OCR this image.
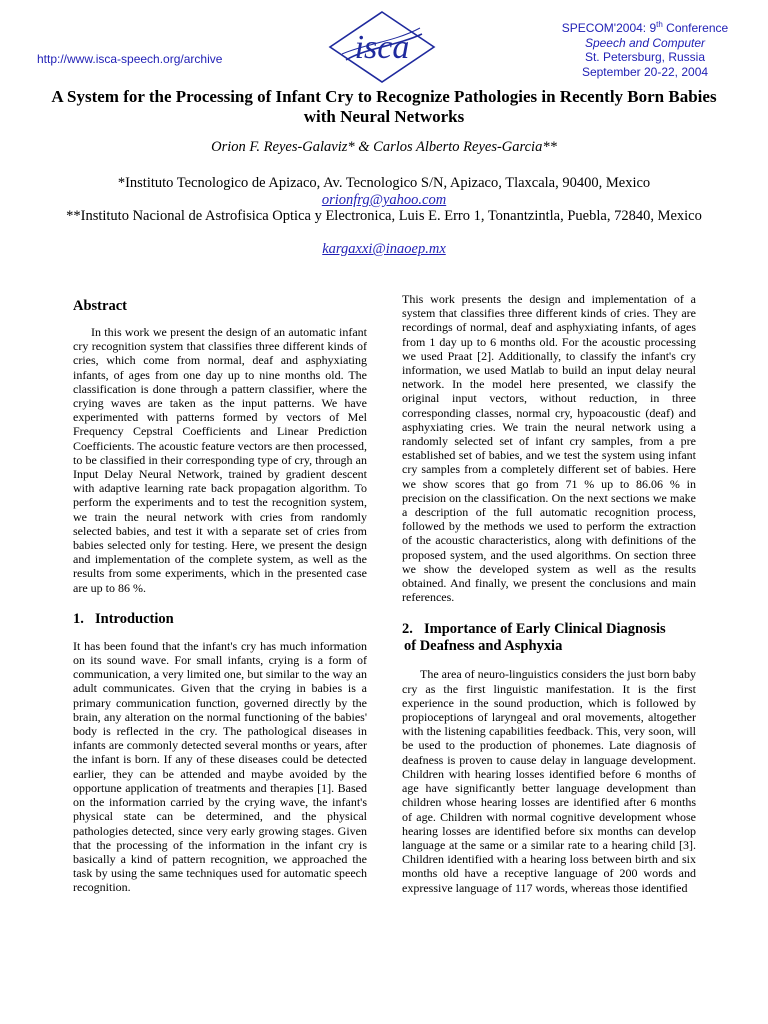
http://www.isca-speech.org/archive	isca
SPECOM'2004: 9th Conference
Speech and Computer
St. Petersburg, Russia
September 20-22, 2004
A System for the Processing of Infant Cry to Recognize Pathologies in Recently Born Babies with Neural Networks
Orion F. Reyes-Galaviz* & Carlos Alberto Reyes-Garcia**
*Instituto Tecnologico de Apizaco, Av. Tecnologico S/N, Apizaco, Tlaxcala, 90400, Mexico
orionfrg@yahoo.com
**Instituto Nacional de Astrofisica Optica y Electronica, Luis E. Erro 1, Tonantzintla, Puebla, 72840, Mexico
kargaxxi@inaoep.mx
Abstract

In this work we present the design of an automatic infant cry recognition system that classifies three different kinds of cries, which come from normal, deaf and asphyxiating infants, of ages from one day up to nine months old. The classification is done through a pattern classifier, where the crying waves are taken as the input patterns. We have experimented with patterns formed by vectors of Mel Frequency Cepstral Coefficients and Linear Prediction Coefficients. The acoustic feature vectors are then processed, to be classified in their corresponding type of cry, through an Input Delay Neural Network, trained by gradient descent with adaptive learning rate back propagation algorithm. To perform the experiments and to test the recognition system, we train the neural network with cries from randomly selected babies, and test it with a separate set of cries from babies selected only for testing. Here, we present the design and implementation of the complete system, as well as the results from some experiments, which in the presented case are up to 86 %.

1. Introduction

It has been found that the infant's cry has much information on its sound wave. For small infants, crying is a form of communication, a very limited one, but similar to the way an adult communicates. Given that the crying in babies is a primary communication function, governed directly by the brain, any alteration on the normal functioning of the babies' body is reflected in the cry. The pathological diseases in infants are commonly detected several months or years, after the infant is born. If any of these diseases could be detected earlier, they can be attended and maybe avoided by the opportune application of treatments and therapies [1]. Based on the information carried by the crying wave, the infant's physical state can be determined, and the physical pathologies detected, since very early growing stages. Given that the processing of the information in the infant cry is basically a kind of pattern recognition, we approached the task by using the same techniques used for automatic speech recognition.

This work presents the design and implementation of a system that classifies three different kinds of cries. They are recordings of normal, deaf and asphyxiating infants, of ages from 1 day up to 6 months old. For the acoustic processing we used Praat [2]. Additionally, to classify the infant's cry information, we used Matlab to build an input delay neural network. In the model here presented, we classify the original input vectors, without reduction, in three corresponding classes, normal cry, hypoacoustic (deaf) and asphyxiating cries. We train the neural network using a randomly selected set of infant cry samples, from a pre established set of babies, and we test the system using infant cry samples from a completely different set of babies. Here we show scores that go from 71 % up to 86.06 % in precision on the classification. On the next sections we make a description of the full automatic recognition process, followed by the methods we used to perform the extraction of the acoustic characteristics, along with definitions of the proposed system, and the used algorithms. On section three we show the developed system as well as the results obtained. And finally, we present the conclusions and main references.

2. Importance of Early Clinical Diagnosis
of Deafness and Asphyxia

The area of neuro-linguistics considers the just born baby cry as the first linguistic manifestation. It is the first experience in the sound production, which is followed by propioceptions of laryngeal and oral movements, altogether with the listening capabilities feedback. This, very soon, will be used to the production of phonemes. Late diagnosis of deafness is proven to cause delay in language development. Children with hearing losses identified before 6 months of age have significantly better language development than children whose hearing losses are identified after 6 months of age. Children with normal cognitive development whose hearing losses are identified before six months can develop language at the same or a similar rate to a hearing child [3]. Children identified with a hearing loss between birth and six months old have a receptive language of 200 words and expressive language of 117 words, whereas those identified
